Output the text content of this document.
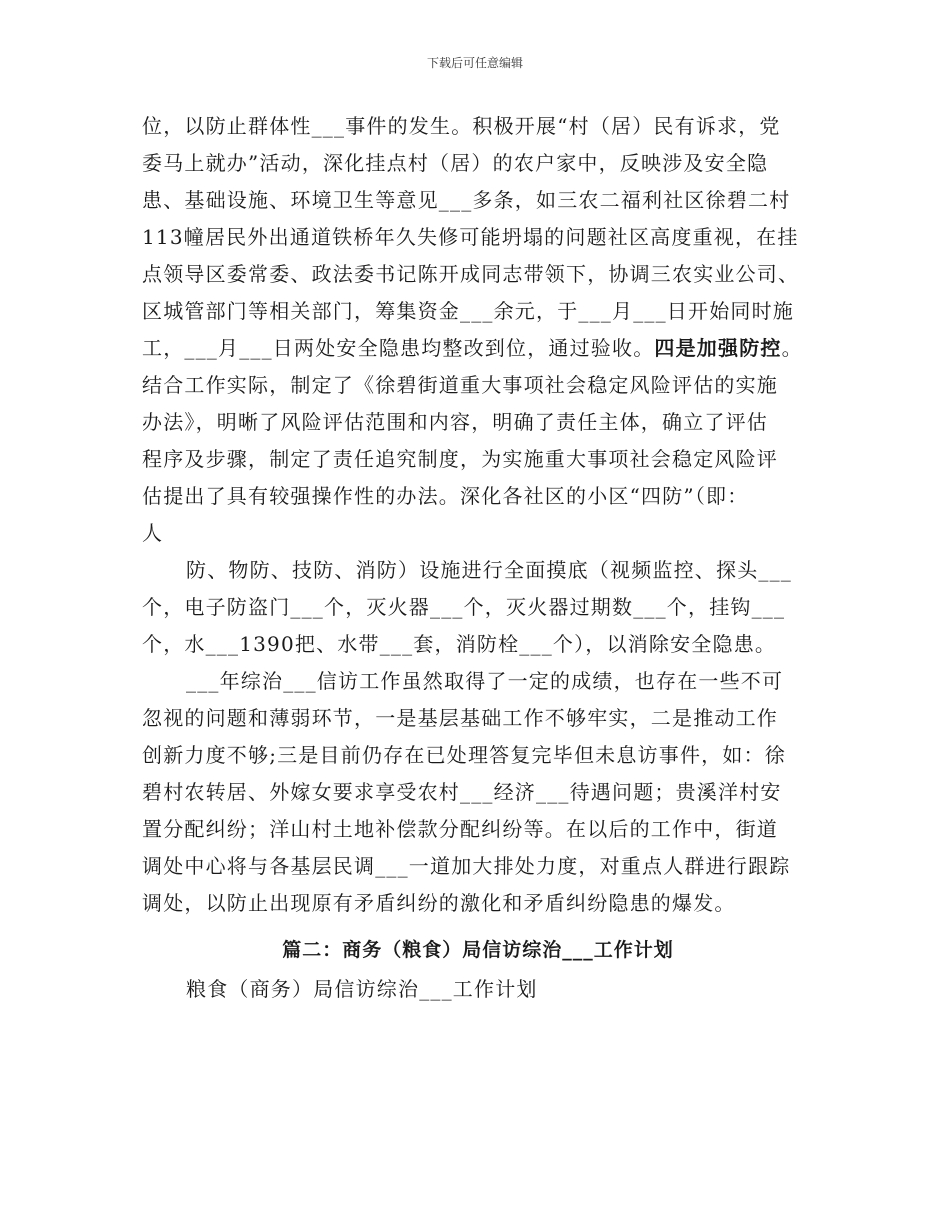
下载后可任意编辑

位，以防止群体性___事件的发生。积极开展“村（居）民有诉求，党
委马上就办”活动，深化挂点村（居）的农户家中，反映涉及安全隐
患、基础设施、环境卫生等意见___多条，如三农二福利社区徐碧二村
113幢居民外出通道铁桥年久失修可能坍塌的问题社区高度重视，在挂
点领导区委常委、政法委书记陈开成同志带领下，协调三农实业公司、
区城管部门等相关部门，筹集资金___余元，于___月___日开始同时施
工，___月___日两处安全隐患均整改到位，通过验收。四是加强防控。
结合工作实际，制定了《徐碧街道重大事项社会稳定风险评估的实施
办法》，明晰了风险评估范围和内容，明确了责任主体，确立了评估
程序及步骤，制定了责任追究制度，为实施重大事项社会稳定风险评
估提出了具有较强操作性的办法。深化各社区的小区“四防”（即：
人

防、物防、技防、消防）设施进行全面摸底（视频监控、探头___
个，电子防盗门___个，灭火器___个，灭火器过期数___个，挂钩___
个，水___1390把、水带___套，消防栓___个），以消除安全隐患。

___年综治___信访工作虽然取得了一定的成绩，也存在一些不可
忽视的问题和薄弱环节，一是基层基础工作不够牢实，二是推动工作
创新力度不够;三是目前仍存在已处理答复完毕但未息访事件，如：徐
碧村农转居、外嫁女要求享受农村___经济___待遇问题；贵溪洋村安
置分配纠纷；洋山村土地补偿款分配纠纷等。在以后的工作中，街道
调处中心将与各基层民调___一道加大排处力度，对重点人群进行跟踪
调处，以防止出现原有矛盾纠纷的激化和矛盾纠纷隐患的爆发。

篇二：商务（粮食）局信访综治___工作计划

粮食（商务）局信访综治___工作计划
